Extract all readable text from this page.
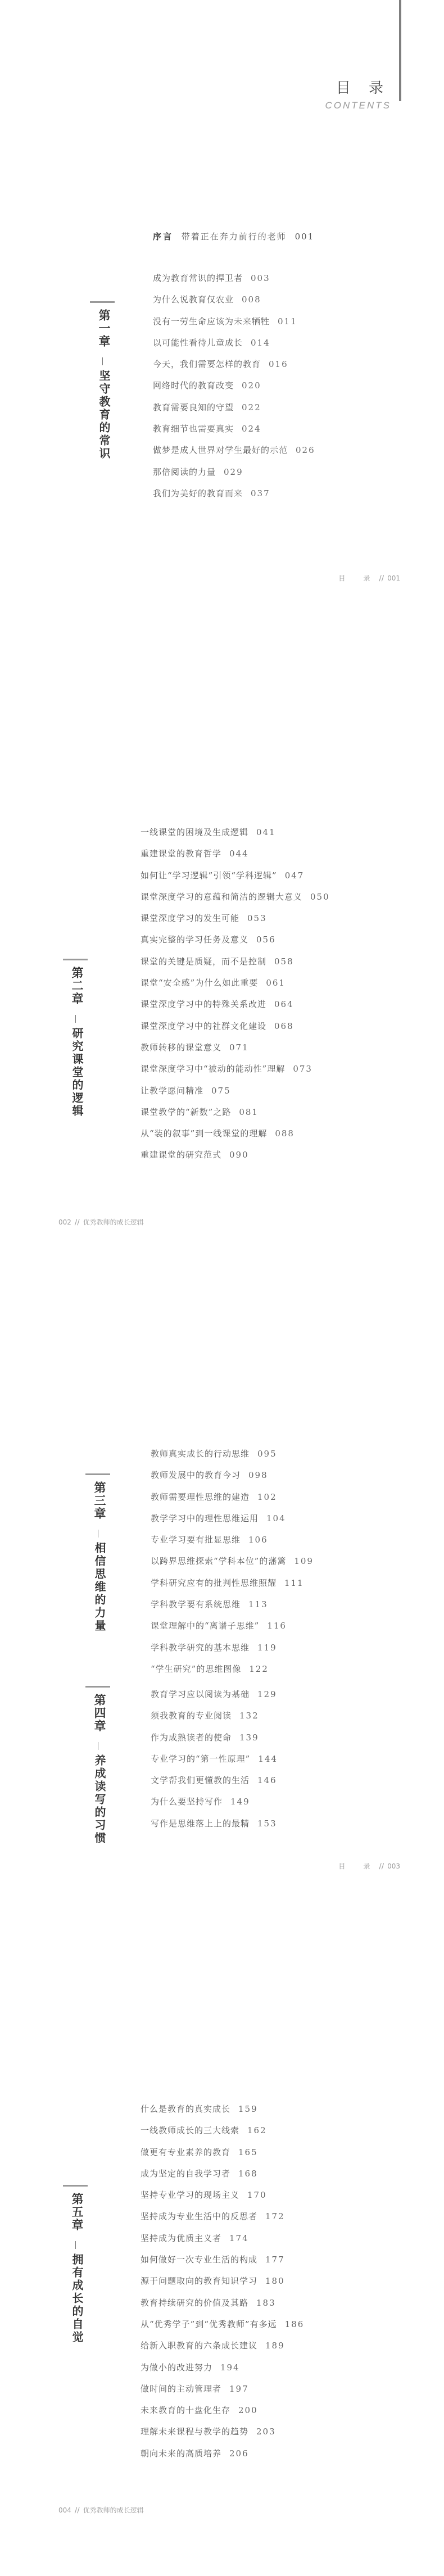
目 录
CONTENTS
序言 带着正在奔力前行的老师 001
第一章
坚守教育的常识
成为教育常识的捍卫者 003
为什么说教育仅农业 008
没有一劳生命应该为未来牺牲 011
以可能性看待儿童成长 014
今天，我们需要怎样的教育 016
网络时代的教育改变 020
教育需要良知的守望 022
教育细节也需要真实 024
做梦是成人世界对学生最好的示范 026
那倍阅读的力量 029
我们为美好的教育而来 037
目　录 ∕∕ 001
第二章
研究课堂的逻辑
一线课堂的困境及生成逻辑 041
重建课堂的教育哲学 044
如何让“学习逻辑”引领“学科逻辑” 047
课堂深度学习的意蕴和简洁的逻辑大意义 050
课堂深度学习的发生可能 053
真实完整的学习任务及意义 056
课堂的关键是质疑，而不是控制 058
课堂“安全感”为什么如此重要 061
课堂深度学习中的特殊关系改进 064
课堂深度学习中的社群文化建设 068
教师转移的课堂意义 071
课堂深度学习中“被动的能动性”理解 073
让教学愿问精准 075
课堂教学的“新数”之路 081
从“装的叙事”到一线课堂的理解 088
重建课堂的研究范式 090
002 ∕∕ 优秀教师的成长逻辑
第三章
相信思维的力量
教师真实成长的行动思维 095
教师发展中的教育今习 098
教师需要理性思维的建造 102
教学学习中的理性思维运用 104
专业学习要有批显思维 106
以跨界思维探索“学科本位”的藩篱 109
学科研究应有的批判性思维照耀 111
学科教学要有系统思维 113
课堂理解中的“离谱子思维” 116
学科教学研究的基本思维 119
“学生研究”的思维图像 122
第四章
养成读写的习惯
教育学习应以阅读为基础 129
须我教育的专业阅读 132
作为成熟读者的使命 139
专业学习的“第一性原理” 144
文学帮我们更懂教的生活 146
为什么要坚持写作 149
写作是思维落上上的最精 153
目　录 ∕∕ 003
第五章
拥有成长的自觉
什么是教育的真实成长 159
一线教师成长的三大线索 162
做更有专业素养的教育 165
成为坚定的自我学习者 168
坚持专业学习的现场主义 170
坚持成为专业生活中的反思者 172
坚持成为优质主义者 174
如何做好一次专业生活的构成 177
源于问题取向的教育知识学习 180
教育持续研究的价值及其路 183
从“优秀学子”到“优秀教师”有多远 186
给新入职教育的六条成长建议 189
为做小的改进努力 194
做时间的主动管理者 197
未来教育的十盘化生存 200
理解未来课程与教学的趋势 203
朝向未来的高质培养 206
004 ∕∕ 优秀教师的成长逻辑
